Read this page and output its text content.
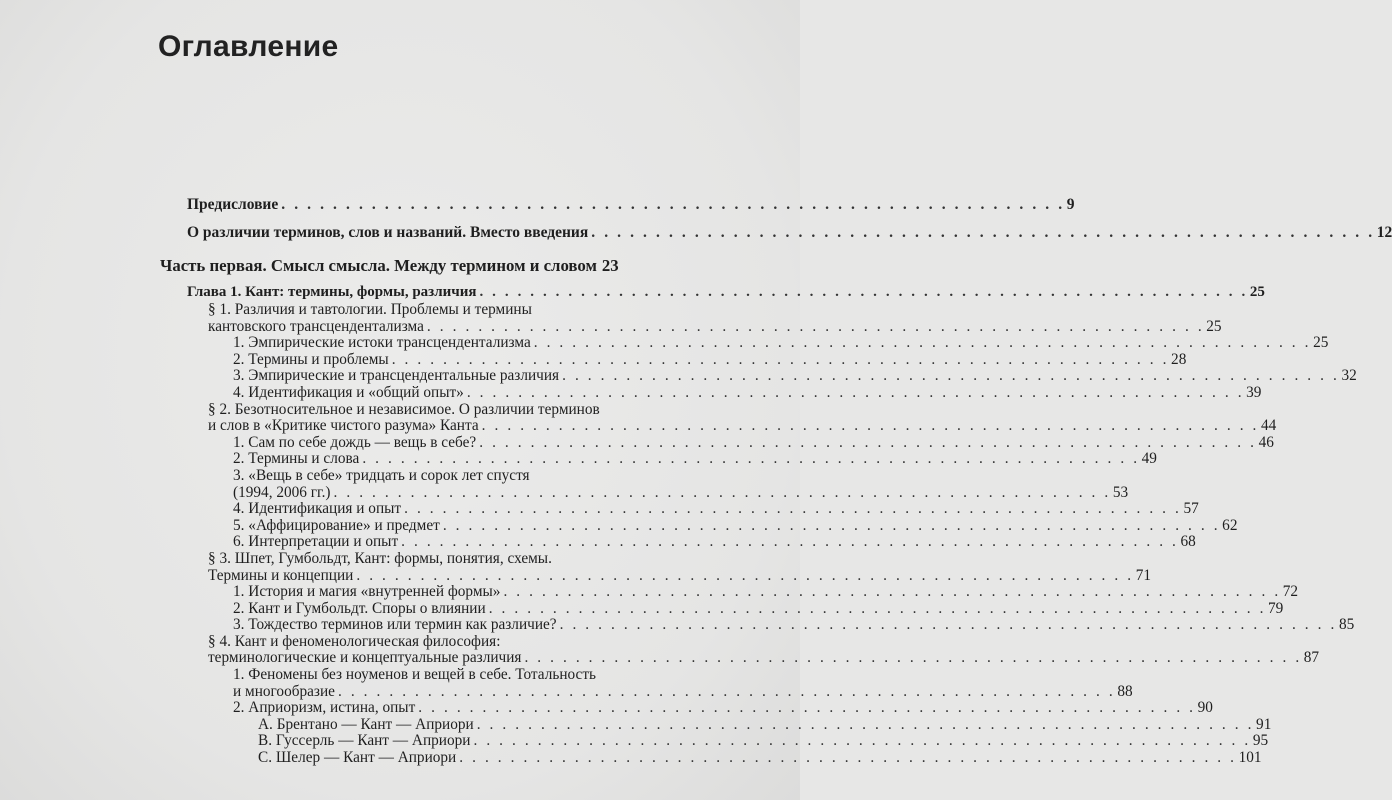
Оглавление
Предисловие . . . . . . . . . . . . . . . . . . . . . . . . . . . . . . . . . . . . . . . . . . . . . . . . . . . . . . . . . . . . . 9
О различии терминов, слов и названий. Вместо введения . . . . . . . . . . . . . . . . . . . . . . . . . . . . . . . . . . . . . . . . . . . . . . . . . . . . . . . . . . . . . 12
Часть первая. Смысл смысла. Между термином и словом 23
Глава 1. Кант: термины, формы, различия . . . . . . . . . . . . . . . . . . . . . . . . . . . . . . . . . . . . . . . . . . . . . . . . . . . . . . . . . . . . . 25
§ 1. Различия и тавтологии. Проблемы и термины
кантовского трансцендентализма . . . . . . . . . . . . . . . . . . . . . . . . . . . . . . . . . . . . . . . . . . . . . . . . . . . . . . . . . . . . . 25
1. Эмпирические истоки трансцендентализма . . . . . . . . . . . . . . . . . . . . . . . . . . . . . . . . . . . . . . . . . . . . . . . . . . . . . . . . . . . . . 25
2. Термины и проблемы . . . . . . . . . . . . . . . . . . . . . . . . . . . . . . . . . . . . . . . . . . . . . . . . . . . . . . . . . . . . . 28
3. Эмпирические и трансцендентальные различия . . . . . . . . . . . . . . . . . . . . . . . . . . . . . . . . . . . . . . . . . . . . . . . . . . . . . . . . . . . . . 32
4. Идентификация и «общий опыт» . . . . . . . . . . . . . . . . . . . . . . . . . . . . . . . . . . . . . . . . . . . . . . . . . . . . . . . . . . . . . 39
§ 2. Безотносительное и независимое. О различии терминов
и слов в «Критике чистого разума» Канта . . . . . . . . . . . . . . . . . . . . . . . . . . . . . . . . . . . . . . . . . . . . . . . . . . . . . . . . . . . . . 44
1. Сам по себе дождь — вещь в себе? . . . . . . . . . . . . . . . . . . . . . . . . . . . . . . . . . . . . . . . . . . . . . . . . . . . . . . . . . . . . . 46
2. Термины и слова . . . . . . . . . . . . . . . . . . . . . . . . . . . . . . . . . . . . . . . . . . . . . . . . . . . . . . . . . . . . . 49
3. «Вещь в себе» тридцать и сорок лет спустя
(1994, 2006 гг.) . . . . . . . . . . . . . . . . . . . . . . . . . . . . . . . . . . . . . . . . . . . . . . . . . . . . . . . . . . . . . 53
4. Идентификация и опыт . . . . . . . . . . . . . . . . . . . . . . . . . . . . . . . . . . . . . . . . . . . . . . . . . . . . . . . . . . . . . 57
5. «Аффицирование» и предмет . . . . . . . . . . . . . . . . . . . . . . . . . . . . . . . . . . . . . . . . . . . . . . . . . . . . . . . . . . . . . 62
6. Интерпретации и опыт . . . . . . . . . . . . . . . . . . . . . . . . . . . . . . . . . . . . . . . . . . . . . . . . . . . . . . . . . . . . . 68
§ 3. Шпет, Гумбольдт, Кант: формы, понятия, схемы.
Термины и концепции . . . . . . . . . . . . . . . . . . . . . . . . . . . . . . . . . . . . . . . . . . . . . . . . . . . . . . . . . . . . . 71
1. История и магия «внутренней формы» . . . . . . . . . . . . . . . . . . . . . . . . . . . . . . . . . . . . . . . . . . . . . . . . . . . . . . . . . . . . . 72
2. Кант и Гумбольдт. Споры о влиянии . . . . . . . . . . . . . . . . . . . . . . . . . . . . . . . . . . . . . . . . . . . . . . . . . . . . . . . . . . . . . 79
3. Тождество терминов или термин как различие? . . . . . . . . . . . . . . . . . . . . . . . . . . . . . . . . . . . . . . . . . . . . . . . . . . . . . . . . . . . . . 85
§ 4. Кант и феноменологическая философия:
терминологические и концептуальные различия . . . . . . . . . . . . . . . . . . . . . . . . . . . . . . . . . . . . . . . . . . . . . . . . . . . . . . . . . . . . . 87
1. Феномены без ноуменов и вещей в себе. Тотальность
и многообразие . . . . . . . . . . . . . . . . . . . . . . . . . . . . . . . . . . . . . . . . . . . . . . . . . . . . . . . . . . . . . 88
2. Априоризм, истина, опыт . . . . . . . . . . . . . . . . . . . . . . . . . . . . . . . . . . . . . . . . . . . . . . . . . . . . . . . . . . . . . 90
A. Брентано — Кант — Априори . . . . . . . . . . . . . . . . . . . . . . . . . . . . . . . . . . . . . . . . . . . . . . . . . . . . . . . . . . . . . 91
B. Гуссерль — Кант — Априори . . . . . . . . . . . . . . . . . . . . . . . . . . . . . . . . . . . . . . . . . . . . . . . . . . . . . . . . . . . . . 95
C. Шелер — Кант — Априори . . . . . . . . . . . . . . . . . . . . . . . . . . . . . . . . . . . . . . . . . . . . . . . . . . . . . . . . . . . . . 101
